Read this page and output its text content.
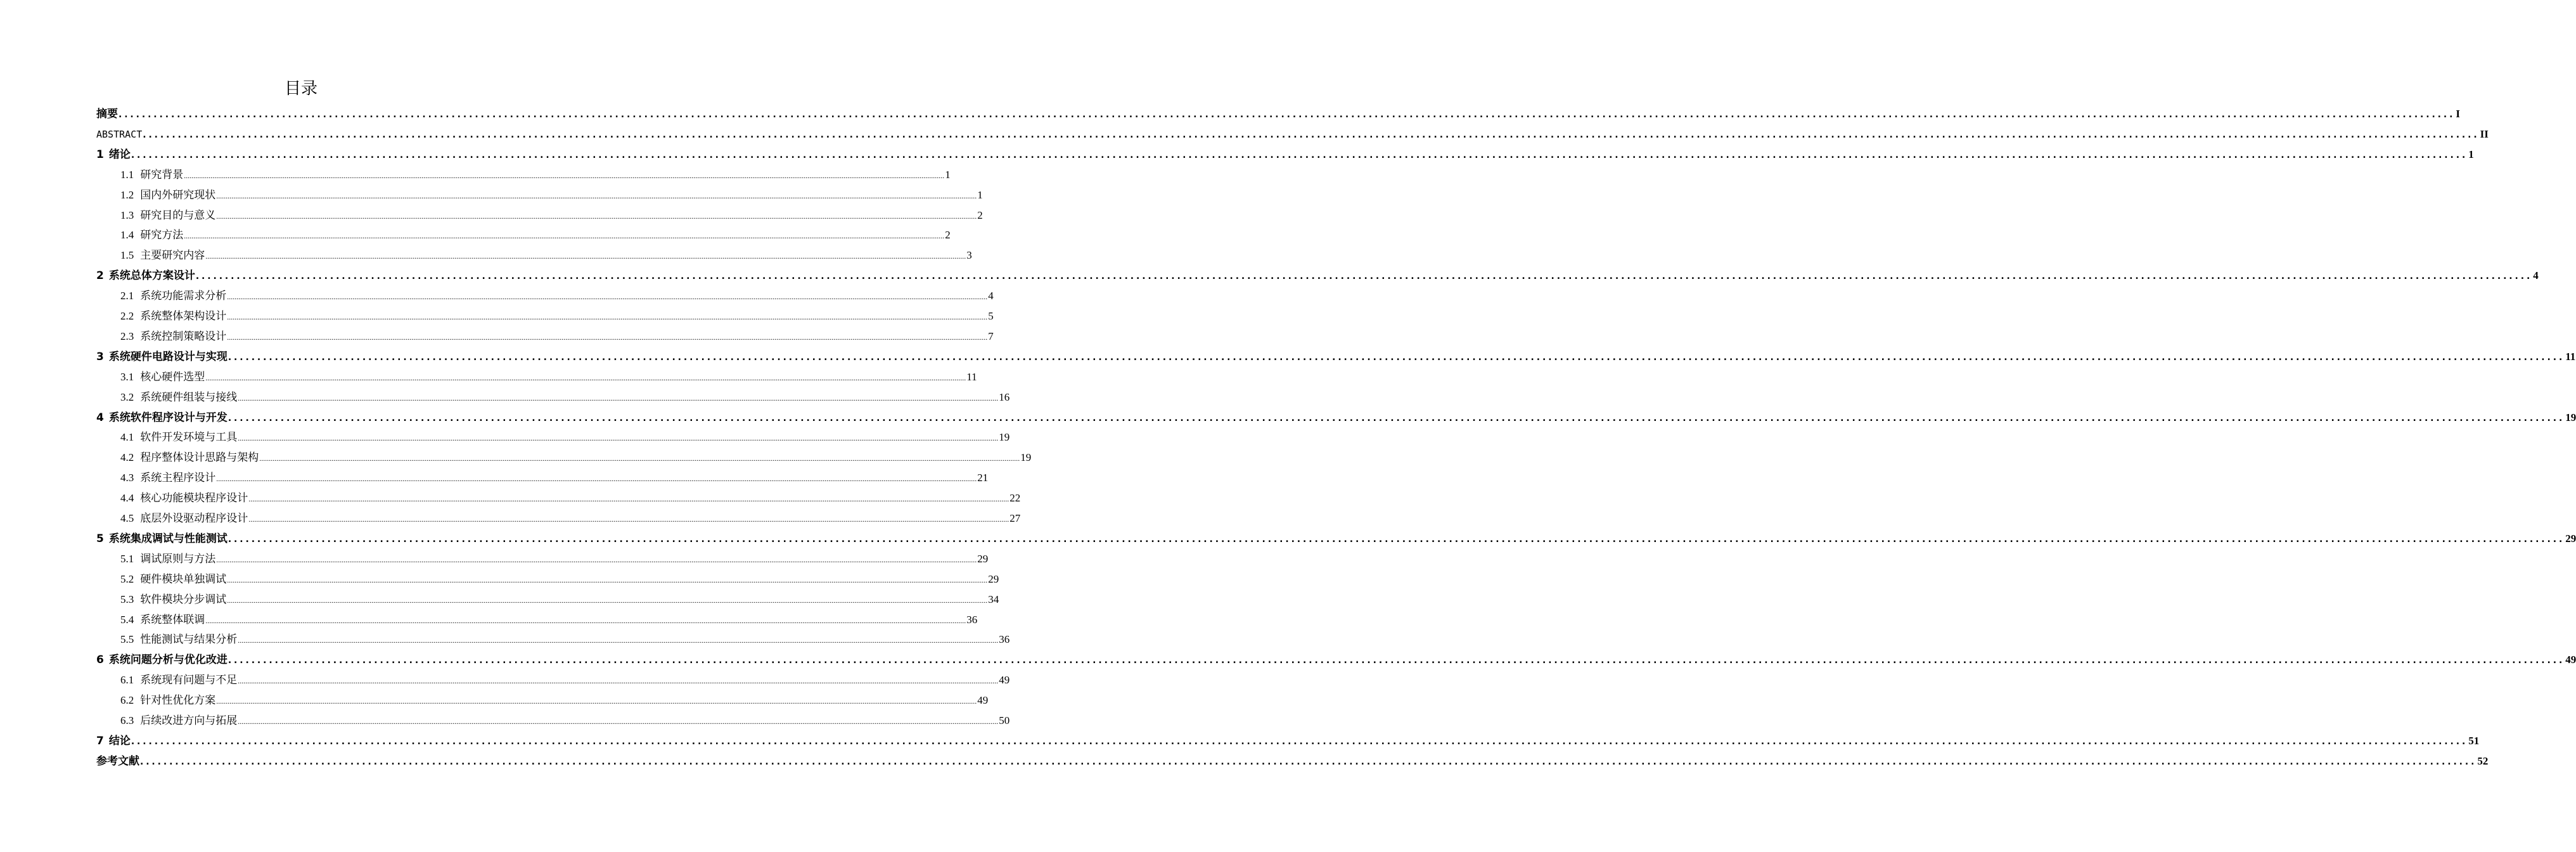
目录
摘要 ................................................................................................................................................................................................................................................................................................................................................................................................................ I
ABSTRACT ................................................................................................................................................................................................................................................................................................................................................................................................................ II
1 绪论 ................................................................................................................................................................................................................................................................................................................................................................................................................ 1
1.1 研究背景 ................................................................................................................................................................................................................................................................................................................................................................................................................ 1
1.2 国内外研究现状 ................................................................................................................................................................................................................................................................................................................................................................................................................ 1
1.3 研究目的与意义 ................................................................................................................................................................................................................................................................................................................................................................................................................ 2
1.4 研究方法 ................................................................................................................................................................................................................................................................................................................................................................................................................ 2
1.5 主要研究内容 ................................................................................................................................................................................................................................................................................................................................................................................................................ 3
2 系统总体方案设计 ................................................................................................................................................................................................................................................................................................................................................................................................................ 4
2.1 系统功能需求分析 ................................................................................................................................................................................................................................................................................................................................................................................................................ 4
2.2 系统整体架构设计 ................................................................................................................................................................................................................................................................................................................................................................................................................ 5
2.3 系统控制策略设计 ................................................................................................................................................................................................................................................................................................................................................................................................................ 7
3 系统硬件电路设计与实现 ................................................................................................................................................................................................................................................................................................................................................................................................................ 11
3.1 核心硬件选型 ................................................................................................................................................................................................................................................................................................................................................................................................................ 11
3.2 系统硬件组装与接线 ................................................................................................................................................................................................................................................................................................................................................................................................................ 16
4 系统软件程序设计与开发 ................................................................................................................................................................................................................................................................................................................................................................................................................ 19
4.1 软件开发环境与工具 ................................................................................................................................................................................................................................................................................................................................................................................................................ 19
4.2 程序整体设计思路与架构 ................................................................................................................................................................................................................................................................................................................................................................................................................ 19
4.3 系统主程序设计 ................................................................................................................................................................................................................................................................................................................................................................................................................ 21
4.4 核心功能模块程序设计 ................................................................................................................................................................................................................................................................................................................................................................................................................ 22
4.5 底层外设驱动程序设计 ................................................................................................................................................................................................................................................................................................................................................................................................................ 27
5 系统集成调试与性能测试 ................................................................................................................................................................................................................................................................................................................................................................................................................ 29
5.1 调试原则与方法 ................................................................................................................................................................................................................................................................................................................................................................................................................ 29
5.2 硬件模块单独调试 ................................................................................................................................................................................................................................................................................................................................................................................................................ 29
5.3 软件模块分步调试 ................................................................................................................................................................................................................................................................................................................................................................................................................ 34
5.4 系统整体联调 ................................................................................................................................................................................................................................................................................................................................................................................................................ 36
5.5 性能测试与结果分析 ................................................................................................................................................................................................................................................................................................................................................................................................................ 36
6 系统问题分析与优化改进 ................................................................................................................................................................................................................................................................................................................................................................................................................ 49
6.1 系统现有问题与不足 ................................................................................................................................................................................................................................................................................................................................................................................................................ 49
6.2 针对性优化方案 ................................................................................................................................................................................................................................................................................................................................................................................................................ 49
6.3 后续改进方向与拓展 ................................................................................................................................................................................................................................................................................................................................................................................................................ 50
7 结论 ................................................................................................................................................................................................................................................................................................................................................................................................................ 51
参考文献 ................................................................................................................................................................................................................................................................................................................................................................................................................ 52
